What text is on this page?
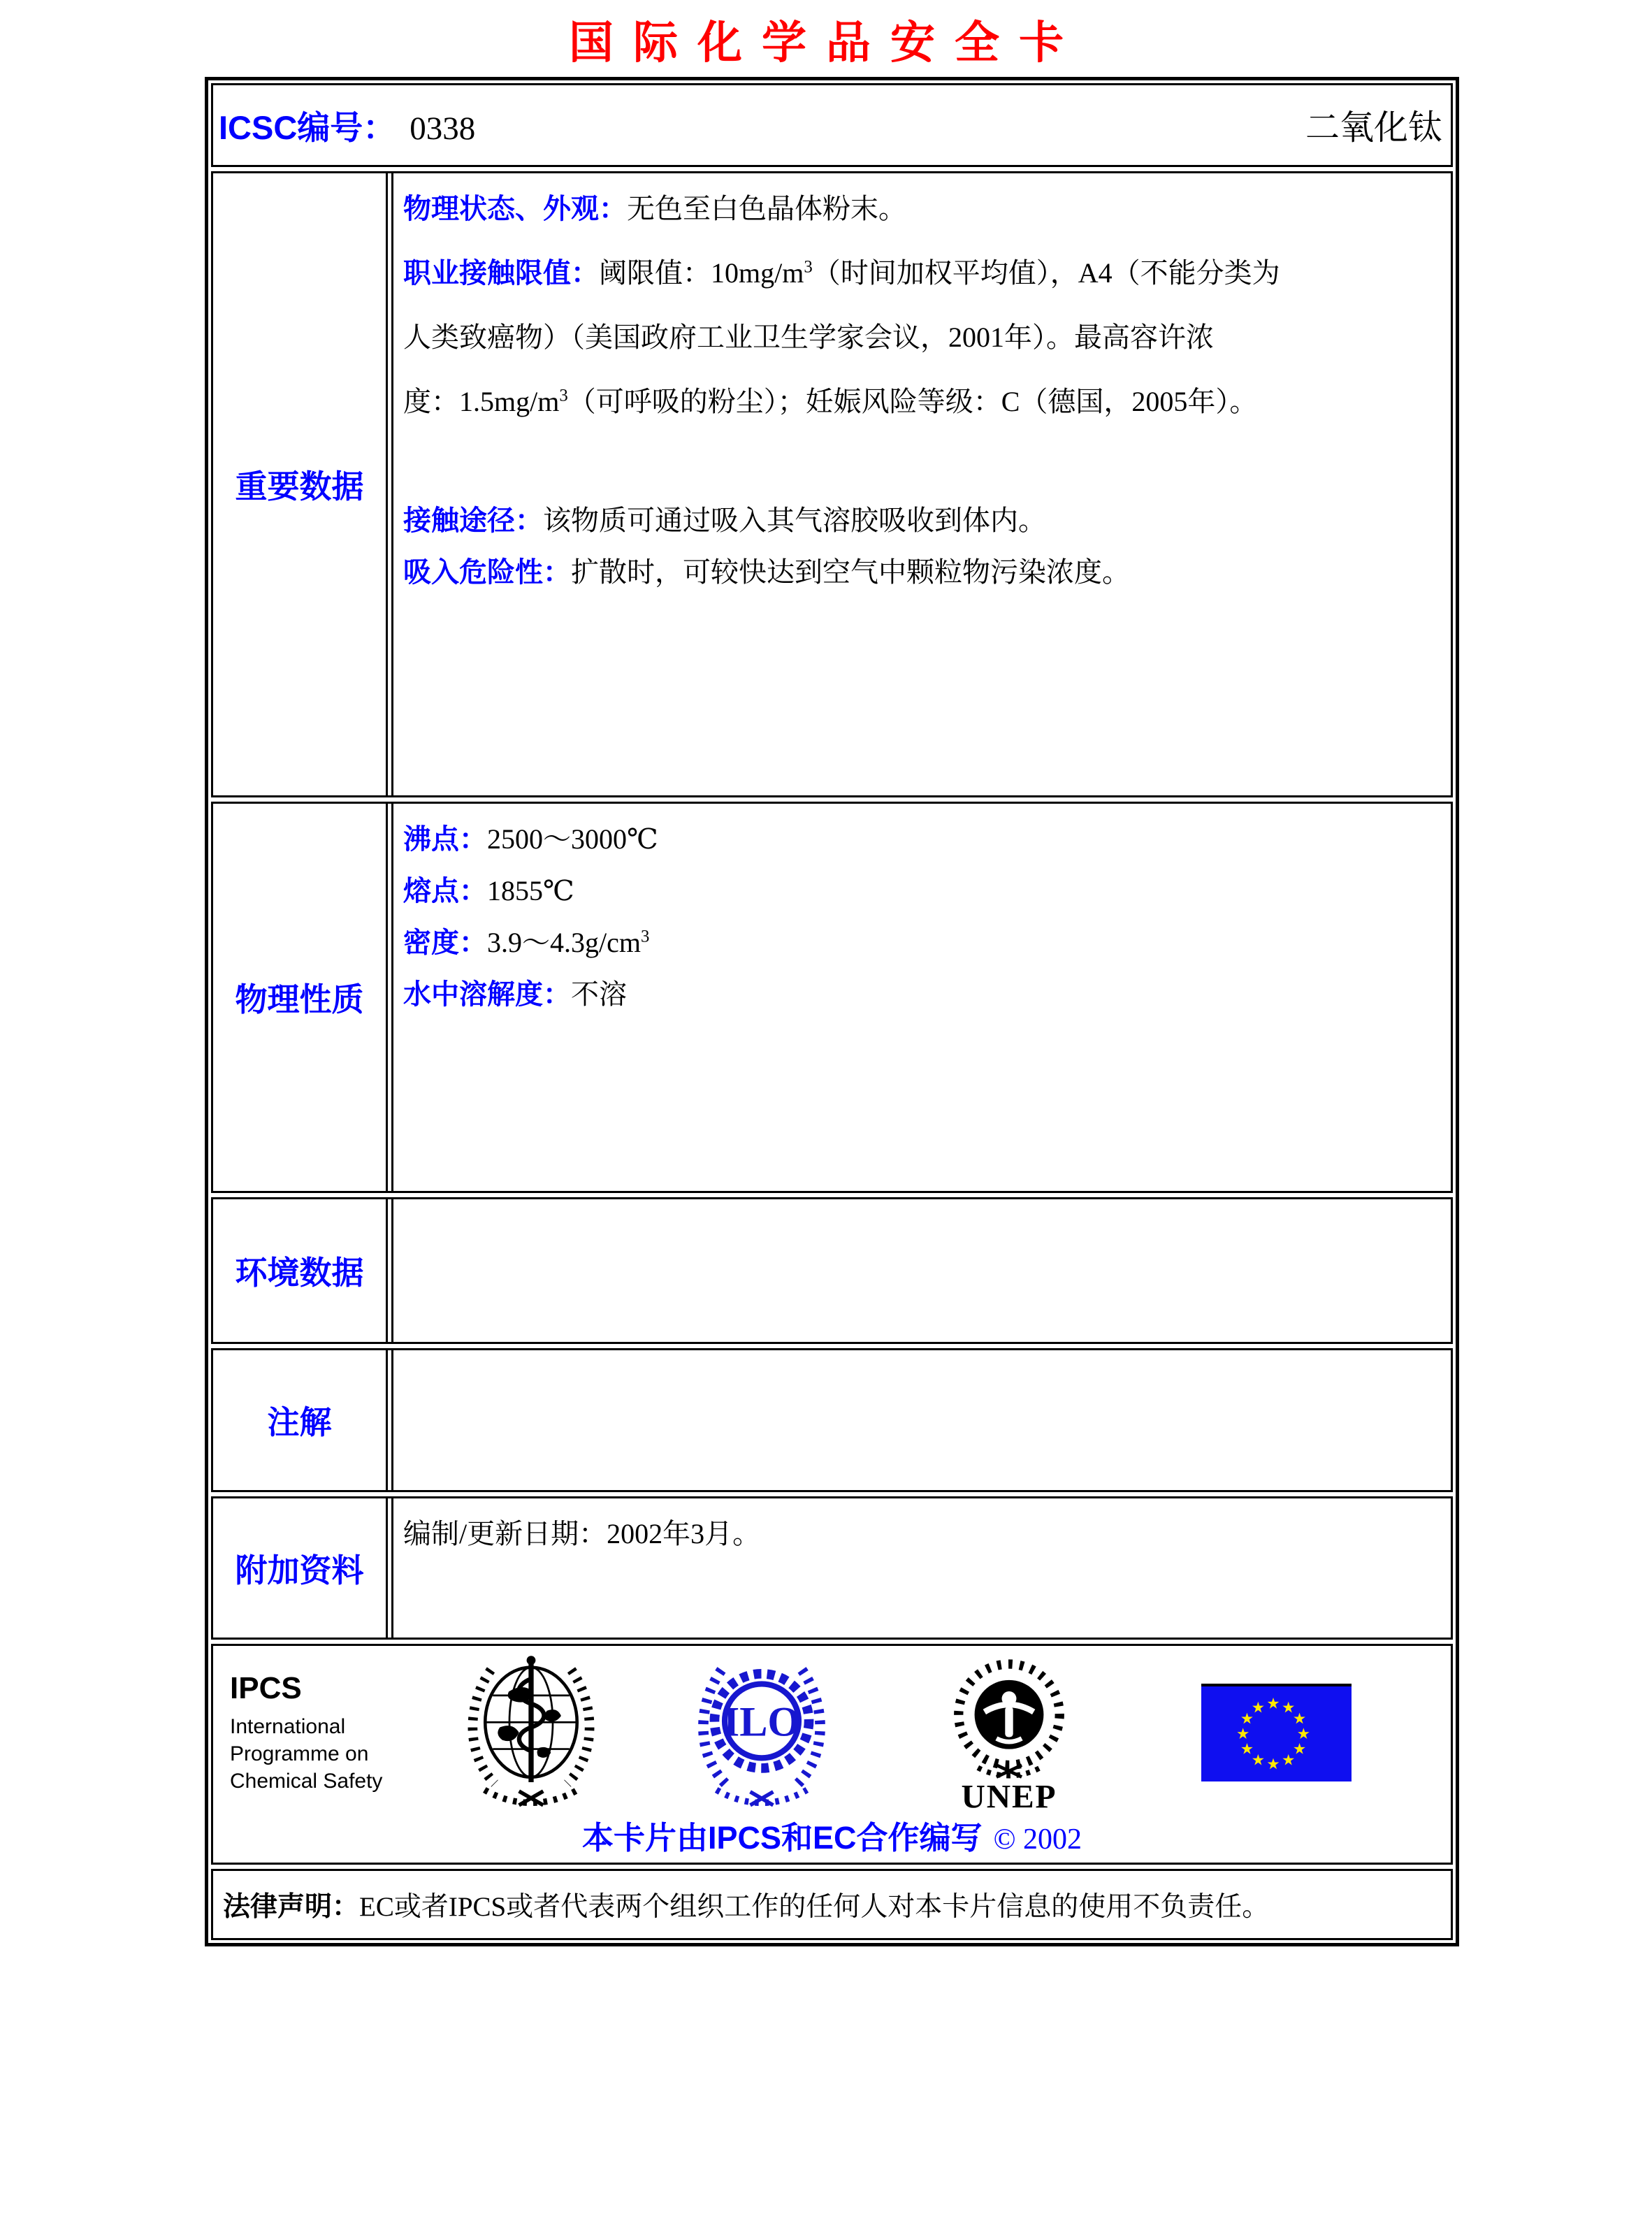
国际化学品安全卡
ICSC编号： 0338	二氧化钛
重要数据
物理状态、外观：无色至白色晶体粉末。
职业接触限值：阈限值：$10mg/m^3$（时间加权平均值），A4（不能分类为
人类致癌物）（美国政府工业卫生学家会议，2001年）。最高容许浓
度：$1.5mg/m^3$（可呼吸的粉尘）；妊娠风险等级：C（德国，2005年）。
接触途径：该物质可通过吸入其气溶胶吸收到体内。
吸入危险性：扩散时，可较快达到空气中颗粒物污染浓度。
物理性质
沸点：2500～3000℃
熔点：1855℃
密度：$3.9\sim 4.3g/cm^3$
水中溶解度：不溶
环境数据
注解
附加资料
编制/更新日期：2002年3月。
IPCS
International
Programme on
Chemical Safety
ILO
UNEP
本卡片由IPCS和EC合作编写 © 2002
法律声明：EC或者IPCS或者代表两个组织工作的任何人对本卡片信息的使用不负责任。
